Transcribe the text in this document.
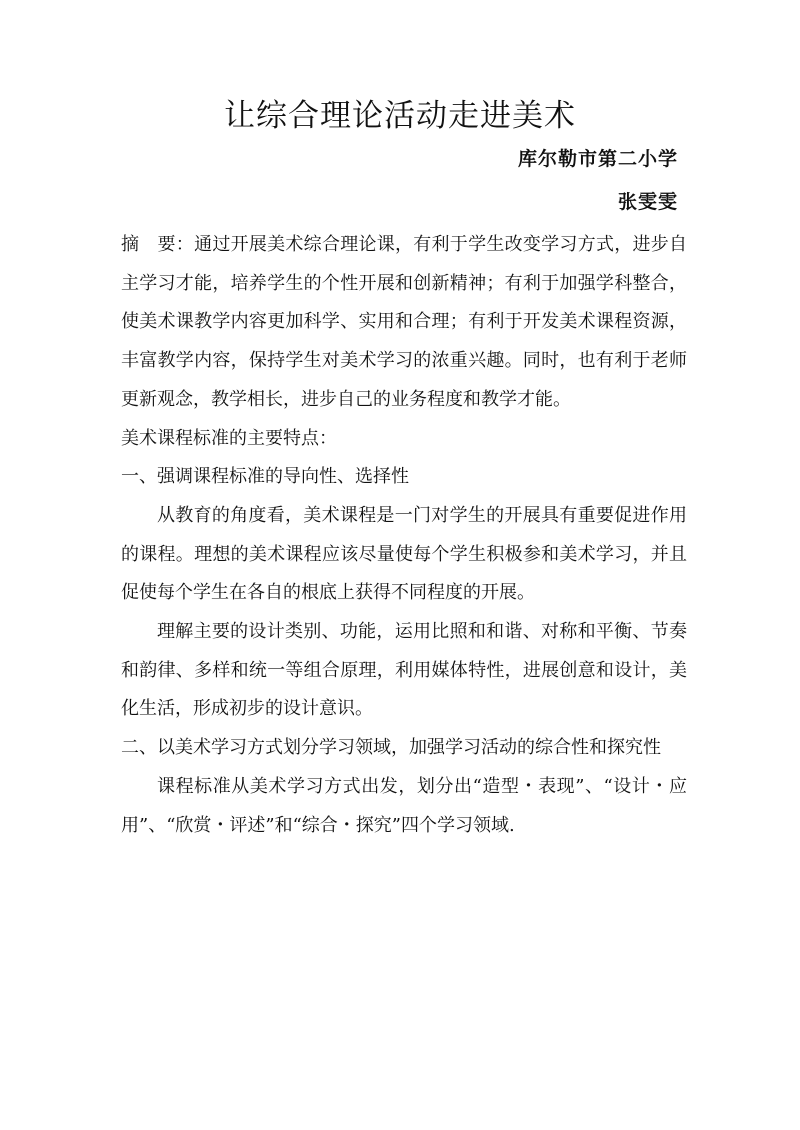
让综合理论活动走进美术
库尔勒市第二小学
张雯雯

摘　要：通过开展美术综合理论课，有利于学生改变学习方式，进步自主学习才能，培养学生的个性开展和创新精神；有利于加强学科整合，使美术课教学内容更加科学、实用和合理；有利于开发美术课程资源，丰富教学内容，保持学生对美术学习的浓重兴趣。同时，也有利于老师更新观念，教学相长，进步自己的业务程度和教学才能。

美术课程标准的主要特点：

一、强调课程标准的导向性、选择性

从教育的角度看，美术课程是一门对学生的开展具有重要促进作用的课程。理想的美术课程应该尽量使每个学生积极参和美术学习，并且促使每个学生在各自的根底上获得不同程度的开展。

理解主要的设计类别、功能，运用比照和和谐、对称和平衡、节奏和韵律、多样和统一等组合原理，利用媒体特性，进展创意和设计，美化生活，形成初步的设计意识。

二、以美术学习方式划分学习领域，加强学习活动的综合性和探究性

课程标准从美术学习方式出发，划分出“造型・表现”、“设计・应用”、“欣赏・评述”和“综合・探究”四个学习领域.
